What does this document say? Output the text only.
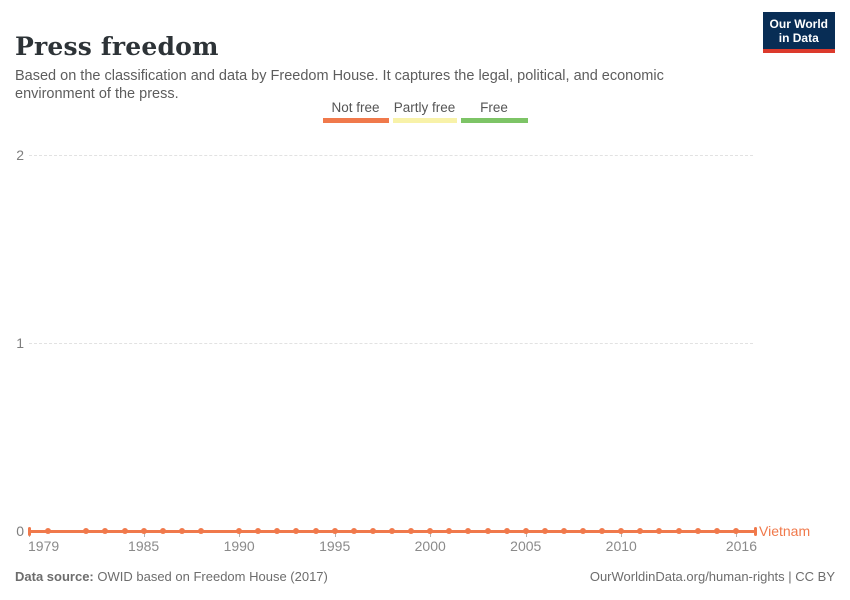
0
1
2
1979	1985	1990	1995	2000	2005	2010	2016
Vietnam
Press freedom

Based on the classification and data by Freedom House. It captures the legal, political, and economic environment of the press.

Our World
in Data
Not free	Partly free	Free
Data source: OWID based on Freedom House (2017)	OurWorldinData.org/human-rights | CC BY
